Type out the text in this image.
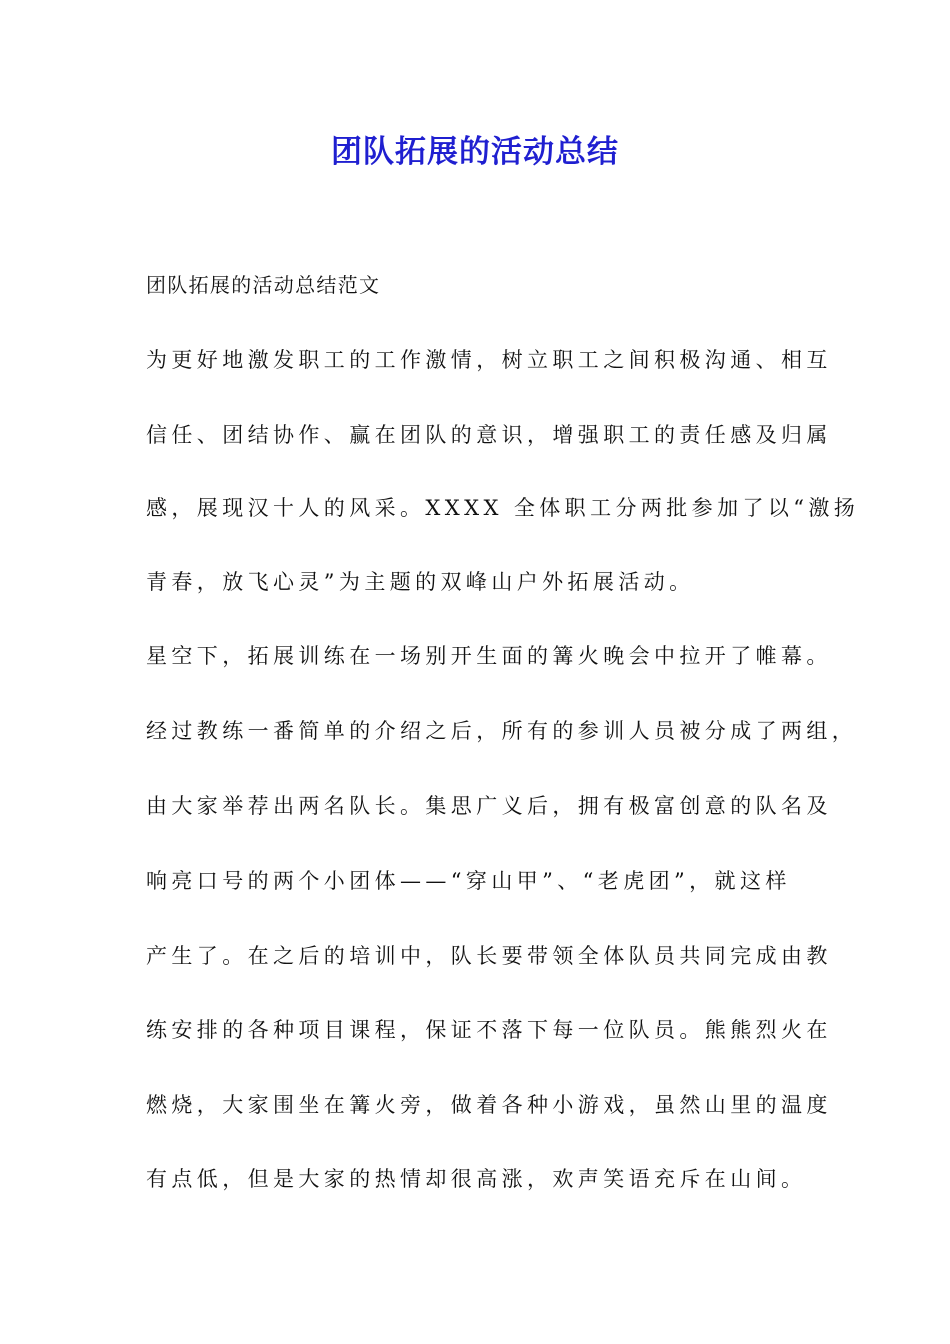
团队拓展的活动总结
团队拓展的活动总结范文
为更好地激发职工的工作激情，树立职工之间积极沟通、相互
信任、团结协作、赢在团队的意识，增强职工的责任感及归属
感，展现汉十人的风采。XXXX 全体职工分两批参加了以“激扬
青春，放飞心灵”为主题的双峰山户外拓展活动。
星空下，拓展训练在一场别开生面的篝火晚会中拉开了帷幕。
经过教练一番简单的介绍之后，所有的参训人员被分成了两组，
由大家举荐出两名队长。集思广义后，拥有极富创意的队名及
响亮口号的两个小团体——“穿山甲”、“老虎团”，就这样
产生了。在之后的培训中，队长要带领全体队员共同完成由教
练安排的各种项目课程，保证不落下每一位队员。熊熊烈火在
燃烧，大家围坐在篝火旁，做着各种小游戏，虽然山里的温度
有点低，但是大家的热情却很高涨，欢声笑语充斥在山间。
